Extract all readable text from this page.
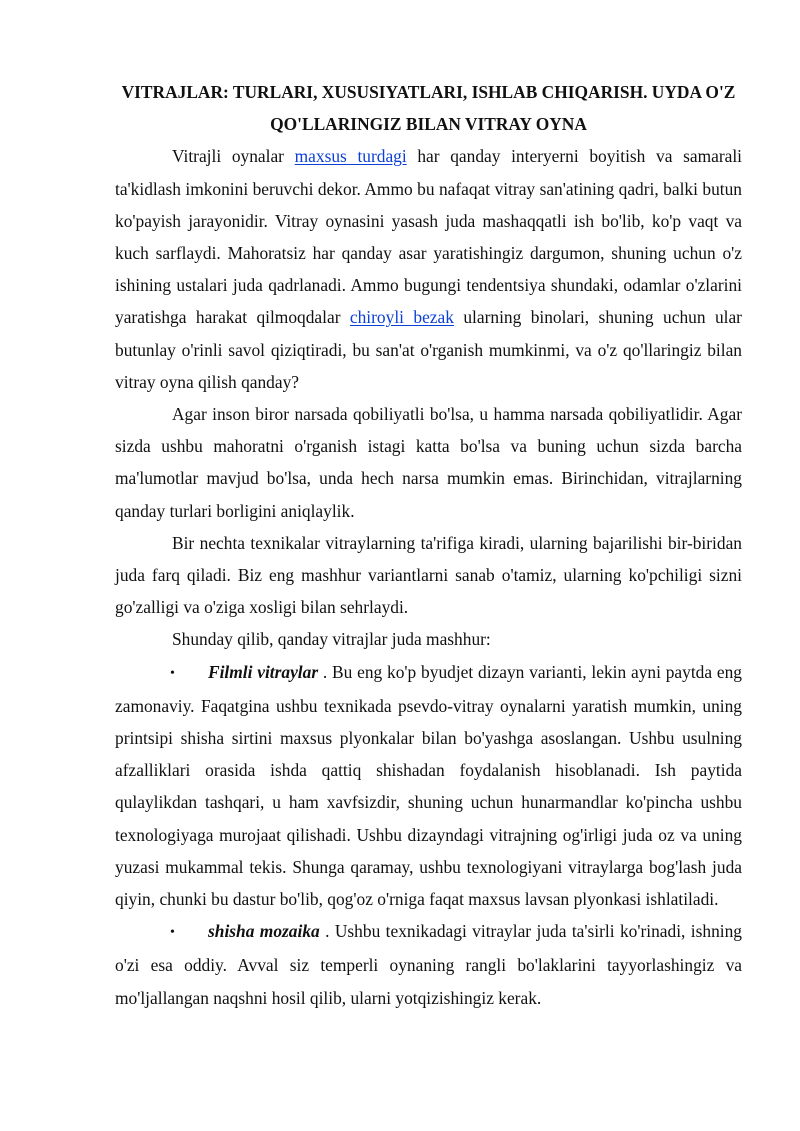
VITRAJLAR: TURLARI, XUSUSIYATLARI, ISHLAB CHIQARISH. UYDA O'Z QO'LLARINGIZ BILAN VITRAY OYNA

Vitrajli oynalar maxsus turdagi har qanday interyerni boyitish va samarali ta'kidlash imkonini beruvchi dekor. Ammo bu nafaqat vitray san'atining qadri, balki butun ko'payish jarayonidir. Vitray oynasini yasash juda mashaqqatli ish bo'lib, ko'p vaqt va kuch sarflaydi. Mahoratsiz har qanday asar yaratishingiz dargumon, shuning uchun o'z ishining ustalari juda qadrlanadi. Ammo bugungi tendentsiya shundaki, odamlar o'zlarini yaratishga harakat qilmoqdalar chiroyli bezak ularning binolari, shuning uchun ular butunlay o'rinli savol qiziqtiradi, bu san'at o'rganish mumkinmi, va o'z qo'llaringiz bilan vitray oyna qilish qanday?

Agar inson biror narsada qobiliyatli bo'lsa, u hamma narsada qobiliyatlidir. Agar sizda ushbu mahoratni o'rganish istagi katta bo'lsa va buning uchun sizda barcha ma'lumotlar mavjud bo'lsa, unda hech narsa mumkin emas. Birinchidan, vitrajlarning qanday turlari borligini aniqlaylik.

Bir nechta texnikalar vitraylarning ta'rifiga kiradi, ularning bajarilishi bir-biridan juda farq qiladi. Biz eng mashhur variantlarni sanab o'tamiz, ularning ko'pchiligi sizni go'zalligi va o'ziga xosligi bilan sehrlaydi.

Shunday qilib, qanday vitrajlar juda mashhur:

• Filmli vitraylar . Bu eng ko'p byudjet dizayn varianti, lekin ayni paytda eng zamonaviy. Faqatgina ushbu texnikada psevdo-vitray oynalarni yaratish mumkin, uning printsipi shisha sirtini maxsus plyonkalar bilan bo'yashga asoslangan. Ushbu usulning afzalliklari orasida ishda qattiq shishadan foydalanish hisoblanadi. Ish paytida qulaylikdan tashqari, u ham xavfsizdir, shuning uchun hunarmandlar ko'pincha ushbu texnologiyaga murojaat qilishadi. Ushbu dizayndagi vitrajning og'irligi juda oz va uning yuzasi mukammal tekis. Shunga qaramay, ushbu texnologiyani vitraylarga bog'lash juda qiyin, chunki bu dastur bo'lib, qog'oz o'rniga faqat maxsus lavsan plyonkasi ishlatiladi.

• shisha mozaika . Ushbu texnikadagi vitraylar juda ta'sirli ko'rinadi, ishning o'zi esa oddiy. Avval siz temperli oynaning rangli bo'laklarini tayyorlashingiz va mo'ljallangan naqshni hosil qilib, ularni yotqizishingiz kerak.
